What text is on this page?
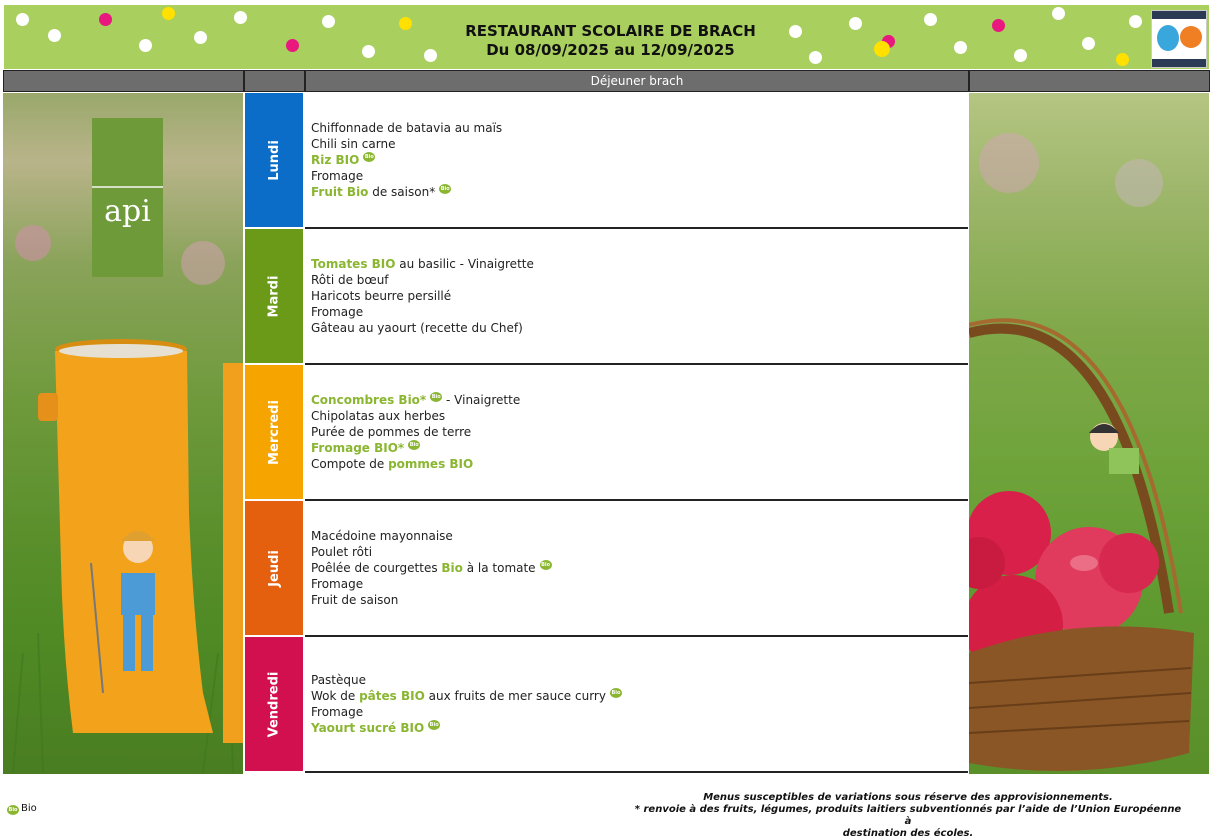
RESTAURANT SCOLAIRE DE BRACH
Du 08/09/2025 au 12/09/2025
Déjeuner brach
api
Lundi
Chiffonnade de batavia au maïs
Chili sin carne
Riz BIO Bio
Fromage
Fruit Bio de saison* Bio
Mardi
Tomates BIO au basilic - Vinaigrette
Rôti de bœuf
Haricots beurre persillé
Fromage
Gâteau au yaourt (recette du Chef)
Mercredi Concombres Bio* Bio - Vinaigrette
Chipolatas aux herbes
Purée de pommes de terre
Fromage BIO* Bio
Compote de pommes BIO
Jeudi
Macédoine mayonnaise
Poulet rôti
Poêlée de courgettes Bio à la tomate Bio
Fromage
Fruit de saison
Vendredi Pastèque
Wok de pâtes BIO aux fruits de mer sauce curry Bio
Fromage
Yaourt sucré BIO Bio
Bio Bio
Menus susceptibles de variations sous réserve des approvisionnements.
* renvoie à des fruits, légumes, produits laitiers subventionnés par l’aide de l’Union Européenne à
destination des écoles.
